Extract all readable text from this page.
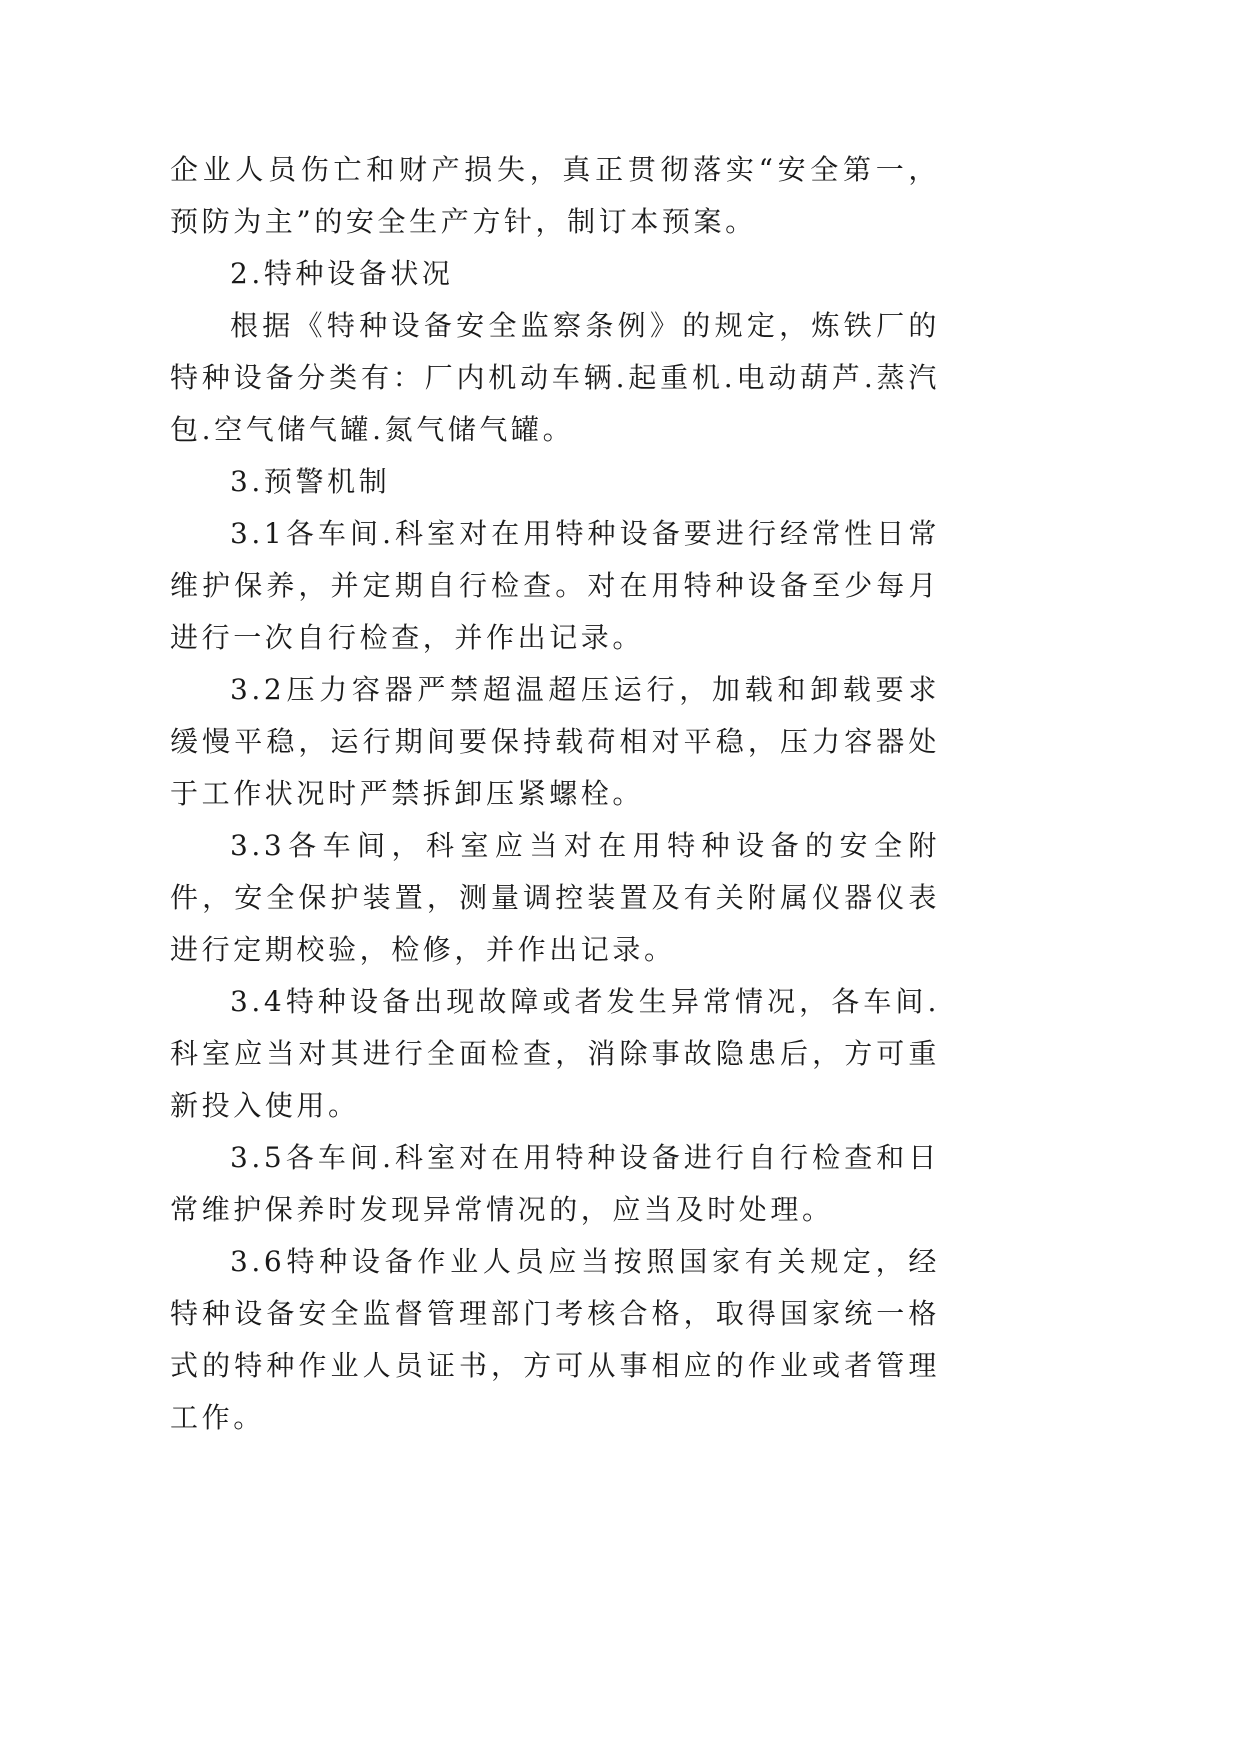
企业人员伤亡和财产损失，真正贯彻落实“安全第一，预防为主”的安全生产方针，制订本预案。

2.特种设备状况

根据《特种设备安全监察条例》的规定，炼铁厂的特种设备分类有：厂内机动车辆.起重机.电动葫芦.蒸汽包.空气储气罐.氮气储气罐。

3.预警机制

3.1各车间.科室对在用特种设备要进行经常性日常维护保养，并定期自行检查。对在用特种设备至少每月进行一次自行检查，并作出记录。

3.2压力容器严禁超温超压运行，加载和卸载要求缓慢平稳，运行期间要保持载荷相对平稳，压力容器处于工作状况时严禁拆卸压紧螺栓。

3.3各车间，科室应当对在用特种设备的安全附件，安全保护装置，测量调控装置及有关附属仪器仪表进行定期校验，检修，并作出记录。

3.4特种设备出现故障或者发生异常情况，各车间.科室应当对其进行全面检查，消除事故隐患后，方可重新投入使用。

3.5各车间.科室对在用特种设备进行自行检查和日常维护保养时发现异常情况的，应当及时处理。

3.6特种设备作业人员应当按照国家有关规定，经特种设备安全监督管理部门考核合格，取得国家统一格式的特种作业人员证书，方可从事相应的作业或者管理工作。
